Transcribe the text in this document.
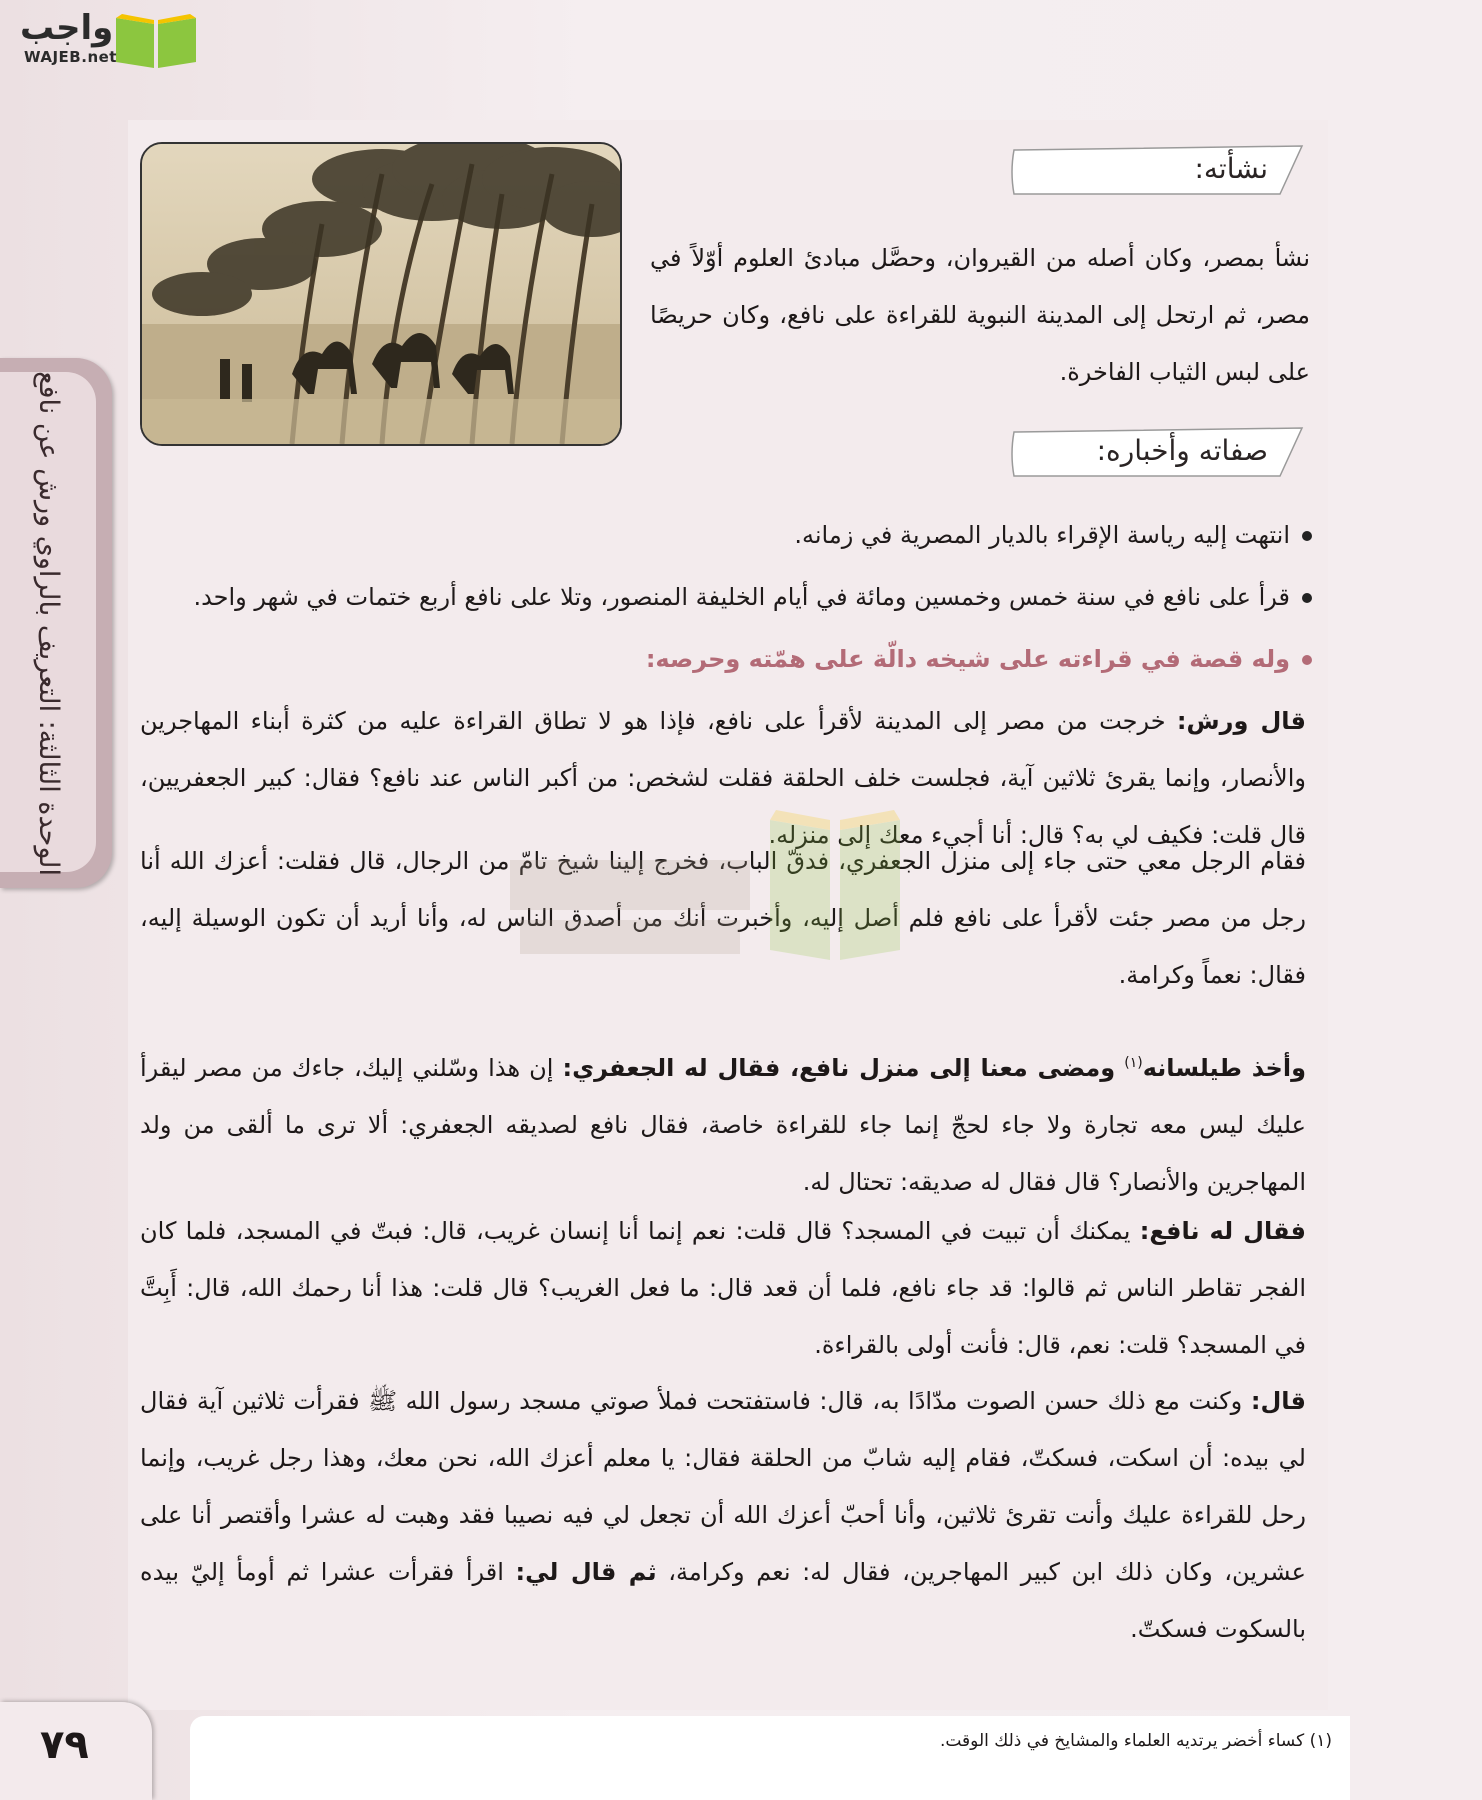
واجب
WAJEB.net
الوحدة الثالثة: التعريف بالراوي ورش عن نافع
نشأته:
نشأ بمصر، وكان أصله من القيروان، وحصَّل مبادئ العلوم أوّلاً في مصر، ثم ارتحل إلى المدينة النبوية للقراءة على نافع، وكان حريصًا على لبس الثياب الفاخرة.
صفاته وأخباره:
انتهت إليه رياسة الإقراء بالديار المصرية في زمانه.
قرأ على نافع في سنة خمس وخمسين ومائة في أيام الخليفة المنصور، وتلا على نافع أربع ختمات في شهر واحد.
وله قصة في قراءته على شيخه دالّة على همّته وحرصه:
قال ورش: خرجت من مصر إلى المدينة لأقرأ على نافع، فإذا هو لا تطاق القراءة عليه من كثرة أبناء المهاجرين والأنصار، وإنما يقرئ ثلاثين آية، فجلست خلف الحلقة فقلت لشخص: من أكبر الناس عند نافع؟ فقال: كبير الجعفريين، قال قلت: فكيف لي به؟ قال: أنا أجيء معك إلى منزله.
فقام الرجل معي حتى جاء إلى منزل الجعفري، فدقّ الباب، فخرج إلينا شيخ تامّ من الرجال، قال فقلت: أعزك الله أنا رجل من مصر جئت لأقرأ على نافع فلم أصل إليه، وأخبرت أنك من أصدق الناس له، وأنا أريد أن تكون الوسيلة إليه، فقال: نعماً وكرامة.
وأخذ طيلسانه$^{(١)}$ ومضى معنا إلى منزل نافع، فقال له الجعفري: إن هذا وسّلني إليك، جاءك من مصر ليقرأ عليك ليس معه تجارة ولا جاء لحجّ إنما جاء للقراءة خاصة، فقال نافع لصديقه الجعفري: ألا ترى ما ألقى من ولد المهاجرين والأنصار؟ قال فقال له صديقه: تحتال له.
فقال له نافع: يمكنك أن تبيت في المسجد؟ قال قلت: نعم إنما أنا إنسان غريب، قال: فبتّ في المسجد، فلما كان الفجر تقاطر الناس ثم قالوا: قد جاء نافع، فلما أن قعد قال: ما فعل الغريب؟ قال قلت: هذا أنا رحمك الله، قال: أَبِتَّ في المسجد؟ قلت: نعم، قال: فأنت أولى بالقراءة.
قال: وكنت مع ذلك حسن الصوت مدّادًا به، قال: فاستفتحت فملأ صوتي مسجد رسول الله ﷺ فقرأت ثلاثين آية فقال لي بيده: أن اسكت، فسكتّ، فقام إليه شابّ من الحلقة فقال: يا معلم أعزك الله، نحن معك، وهذا رجل غريب، وإنما رحل للقراءة عليك وأنت تقرئ ثلاثين، وأنا أحبّ أعزك الله أن تجعل لي فيه نصيبا فقد وهبت له عشرا وأقتصر أنا على عشرين، وكان ذلك ابن كبير المهاجرين، فقال له: نعم وكرامة، ثم قال لي: اقرأ فقرأت عشرا ثم أومأ إليّ بيده بالسكوت فسكتّ.
(١) كساء أخضر يرتديه العلماء والمشايخ في ذلك الوقت.
٧٩
